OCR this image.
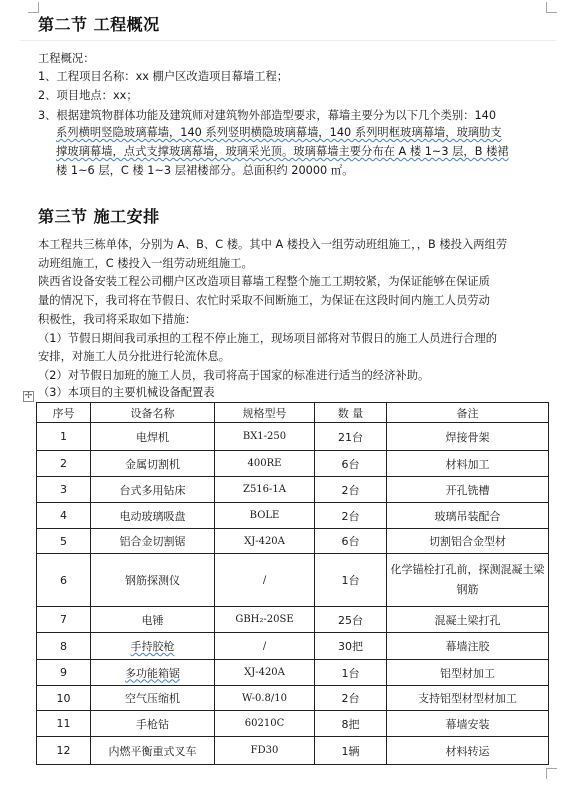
第二节 工程概况
工程概况：
1、工程项目名称：xx 棚户区改造项目幕墙工程；
2、项目地点：xx；
3、根据建筑物群体功能及建筑师对建筑物外部造型要求，幕墙主要分为以下几个类别：140
系列横明竖隐玻璃幕墙，140 系列竖明横隐玻璃幕墙，140 系列明框玻璃幕墙，玻璃肋支
撑玻璃幕墙，点式支撑玻璃幕墙，玻璃采光顶。玻璃幕墙主要分布在 A 楼 1~3 层，B 楼裙
楼 1~6 层，C 楼 1~3 层裙楼部分。总面积约 20000 ㎡。
第三节 施工安排
本工程共三栋单体，分别为 A、B、C 楼。其中 A 楼投入一组劳动班组施工，，B 楼投入两组劳
动班组施工，C 楼投入一组劳动班组施工。
陕西省设备安装工程公司棚户区改造项目幕墙工程整个施工工期较紧，为保证能够在保证质
量的情况下，我司将在节假日、农忙时采取不间断施工，为保证在这段时间内施工人员劳动
积极性，我司将采取如下措施：
（1）节假日期间我司承担的工程不停止施工，现场项目部将对节假日的施工人员进行合理的
安排，对施工人员分批进行轮流休息。
（2）对节假日加班的施工人员，我司将高于国家的标准进行适当的经济补助。
（3）本项目的主要机械设备配置表
✢
序号	设备名称	规格型号	数 量	备注
1	电焊机	BX1-250	21台	焊接骨架
2	金属切割机	400RE	6台	材料加工
3	台式多用钻床	Z516-1A	2台	开孔铣槽
4	电动玻璃吸盘	BOLE	2台	玻璃吊装配合
5	铝合金切割锯	XJ-420A	6台	切割铝合金型材
6	钢筋探测仪	/	1台	化学锚栓打孔前，探测混凝土梁钢筋
7	电锤	GBH₂-20SE	25台	混凝土梁打孔
8	手持胶枪	/	30把	幕墙注胶
9	多功能箱锯	XJ-420A	1台	铝型材加工
10	空气压缩机	W-0.8/10	2台	支持铝型材型材加工
11	手枪钻	60210C	8把	幕墙安装
12	内燃平衡重式叉车	FD30	1辆	材料转运
